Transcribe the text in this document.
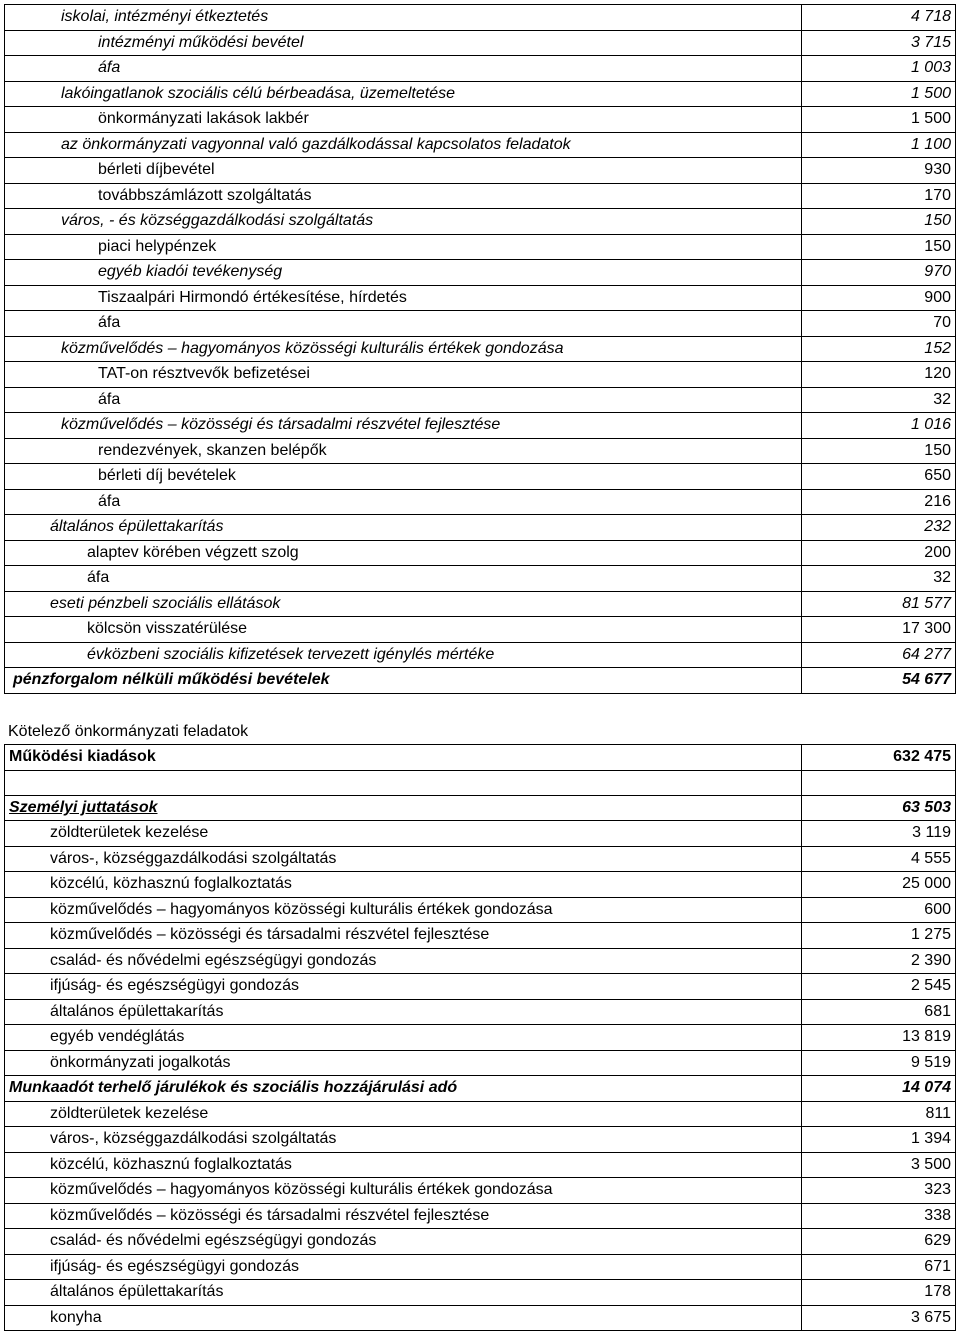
iskolai, intézményi étkeztetés	4 718
intézményi működési bevétel	3 715
áfa	1 003
lakóingatlanok szociális célú bérbeadása, üzemeltetése	1 500
önkormányzati lakások lakbér	1 500
az önkormányzati vagyonnal való gazdálkodással kapcsolatos feladatok	1 100
bérleti díjbevétel	930
továbbszámlázott szolgáltatás	170
város, - és községgazdálkodási szolgáltatás	150
piaci helypénzek	150
egyéb kiadói tevékenység	970
Tiszaalpári Hirmondó értékesítése, hírdetés	900
áfa	70
közművelődés – hagyományos közösségi kulturális értékek gondozása	152
TAT-on résztvevők befizetései	120
áfa	32
közművelődés – közösségi és társadalmi részvétel fejlesztése	1 016
rendezvények, skanzen belépők	150
bérleti díj bevételek	650
áfa	216
általános épülettakarítás	232
alaptev körében végzett szolg	200
áfa	32
eseti pénzbeli szociális ellátások	81 577
kölcsön visszatérülése	17 300
évközbeni szociális kifizetések tervezett igénylés mértéke	64 277
pénzforgalom nélküli működési bevételek	54 677
Kötelező önkormányzati feladatok
Működési kiadások	632 475

Személyi juttatások	63 503
zöldterületek kezelése	3 119
város-, községgazdálkodási szolgáltatás	4 555
közcélú, közhasznú foglalkoztatás	25 000
közművelődés – hagyományos közösségi kulturális értékek gondozása	600
közművelődés – közösségi és társadalmi részvétel fejlesztése	1 275
család- és nővédelmi egészségügyi gondozás	2 390
ifjúság- és egészségügyi gondozás	2 545
általános épülettakarítás	681
egyéb vendéglátás	13 819
önkormányzati jogalkotás	9 519
Munkaadót terhelő járulékok és szociális hozzájárulási adó	14 074
zöldterületek kezelése	811
város-, községgazdálkodási szolgáltatás	1 394
közcélú, közhasznú foglalkoztatás	3 500
közművelődés – hagyományos közösségi kulturális értékek gondozása	323
közművelődés – közösségi és társadalmi részvétel fejlesztése	338
család- és nővédelmi egészségügyi gondozás	629
ifjúság- és egészségügyi gondozás	671
általános épülettakarítás	178
konyha	3 675
